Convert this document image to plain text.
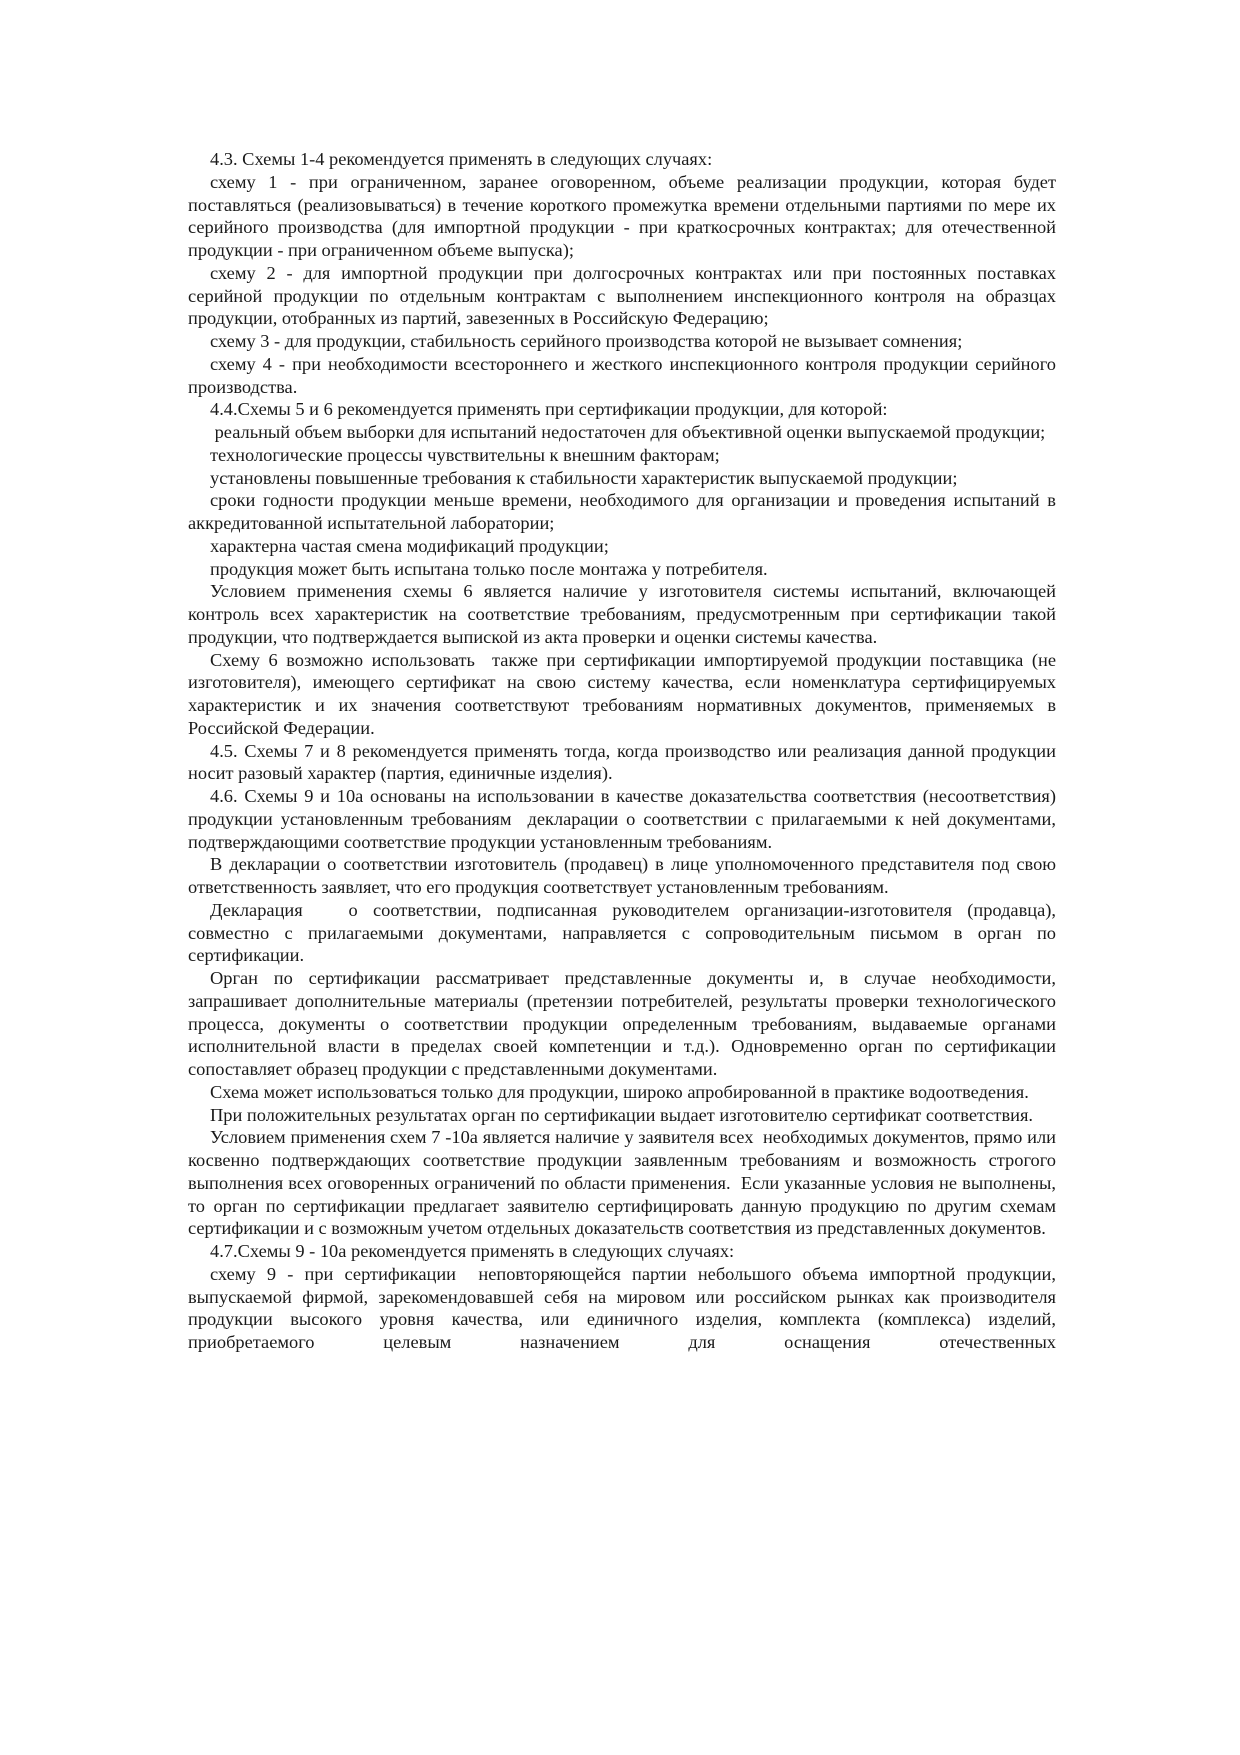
4.3. Схемы 1-4 рекомендуется применять в следующих случаях:

схему 1 - при ограниченном, заранее оговоренном, объеме реализации продукции, которая будет поставляться (реализовываться) в течение короткого промежутка времени отдельными партиями по мере их серийного производства (для импортной продукции - при краткосрочных контрактах; для отечественной продукции - при ограниченном объеме выпуска);

схему 2 - для импортной продукции при долгосрочных контрактах или при постоянных поставках серийной продукции по отдельным контрактам с выполнением инспекционного контроля на образцах продукции, отобранных из партий, завезенных в Российскую Федерацию;

схему 3 - для продукции, стабильность серийного производства которой не вызывает сомнения;

схему 4 - при необходимости всестороннего и жесткого инспекционного контроля продукции серийного производства.

4.4.Схемы 5 и 6 рекомендуется применять при сертификации продукции, для которой:

реальный объем выборки для испытаний недостаточен для объективной оценки выпускаемой продукции;

технологические процессы чувствительны к внешним факторам;

установлены повышенные требования к стабильности характеристик выпускаемой продукции;

сроки годности продукции меньше времени, необходимого для организации и проведения испытаний в аккредитованной испытательной лаборатории;

характерна частая смена модификаций продукции;

продукция может быть испытана только после монтажа у потребителя.

Условием применения схемы 6 является наличие у изготовителя системы испытаний, включающей контроль всех характеристик на соответствие требованиям, предусмотренным при сертификации такой продукции, что подтверждается выпиской из акта проверки и оценки системы качества.

Схему 6 возможно использовать  также при сертификации импортируемой продукции поставщика (не изготовителя), имеющего сертификат на свою систему качества, если номенклатура сертифицируемых характеристик и их значения соответствуют требованиям нормативных документов, применяемых в Российской Федерации.

4.5. Схемы 7 и 8 рекомендуется применять тогда, когда производство или реализация данной продукции носит разовый характер (партия, единичные изделия).

4.6. Схемы 9 и 10а основаны на использовании в качестве доказательства соответствия (несоответствия) продукции установленным требованиям  декларации о соответствии с прилагаемыми к ней документами, подтверждающими соответствие продукции установленным требованиям.

В декларации о соответствии изготовитель (продавец) в лице уполномоченного представителя под свою ответственность заявляет, что его продукция соответствует установленным требованиям.

Декларация   о соответствии, подписанная руководителем организации-изготовителя (продавца), совместно с прилагаемыми документами, направляется с сопроводительным письмом в орган по сертификации.

Орган по сертификации рассматривает представленные документы и, в случае необходимости, запрашивает дополнительные материалы (претензии потребителей, результаты проверки технологического процесса, документы о соответствии продукции определенным требованиям, выдаваемые органами исполнительной власти в пределах своей компетенции и т.д.). Одновременно орган по сертификации сопоставляет образец продукции с представленными документами.

Схема может использоваться только для продукции, широко апробированной в практике водоотведения.

При положительных результатах орган по сертификации выдает изготовителю сертификат соответствия.

Условием применения схем 7 -10а является наличие у заявителя всех  необходимых документов, прямо или косвенно подтверждающих соответствие продукции заявленным требованиям и возможность строгого выполнения всех оговоренных ограничений по области применения.  Если указанные условия не выполнены, то орган по сертификации предлагает заявителю сертифицировать данную продукцию по другим схемам сертификации и с возможным учетом отдельных доказательств соответствия из представленных документов.

4.7.Схемы 9 - 10а рекомендуется применять в следующих случаях:

схему 9 - при сертификации  неповторяющейся партии небольшого объема импортной продукции, выпускаемой фирмой, зарекомендовавшей себя на мировом или российском рынках как производителя продукции высокого уровня качества, или единичного изделия, комплекта (комплекса) изделий, приобретаемого целевым назначением для оснащения отечественных
